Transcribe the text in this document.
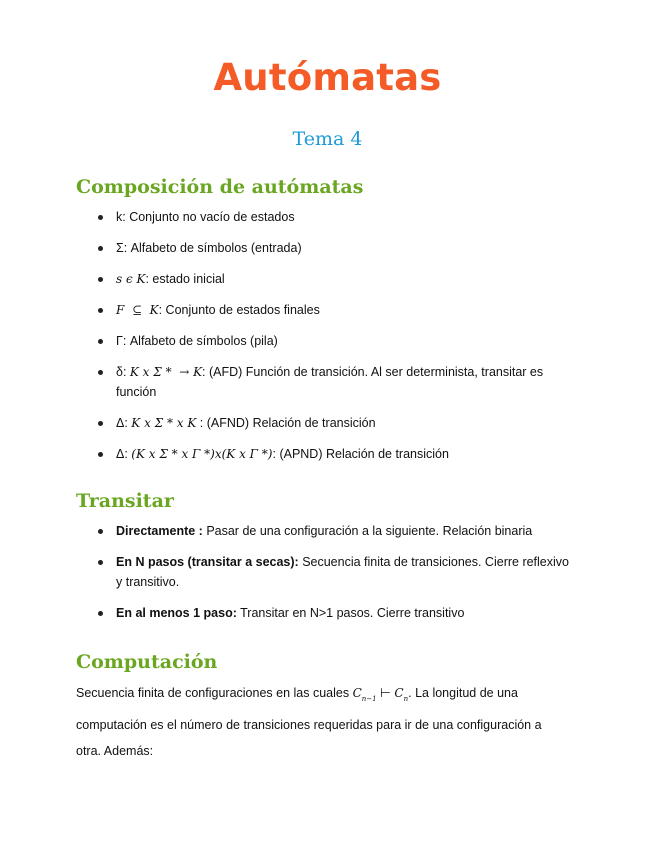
Autómatas
Tema 4
Composición de autómatas
k: Conjunto no vacío de estados
Σ: Alfabeto de símbolos (entrada)
s ϵ K: estado inicial
F  ⊆  K: Conjunto de estados finales
Γ: Alfabeto de símbolos (pila)
δ: K x Σ *  → K: (AFD) Función de transición. Al ser determinista, transitar es función
Δ: K x Σ * x K : (AFND) Relación de transición
Δ: (K x Σ * x Γ *)x(K x Γ *): (APND) Relación de transición
Transitar
Directamente : Pasar de una configuración a la siguiente. Relación binaria
En N pasos (transitar a secas): Secuencia finita de transiciones. Cierre reflexivo y transitivo.
En al menos 1 paso: Transitar en N>1 pasos. Cierre transitivo
Computación

Secuencia finita de configuraciones en las cuales $C_{n-1}$ ⊢ $C_n$. La longitud de una computación es el número de transiciones requeridas para ir de una configuración a otra. Además:
